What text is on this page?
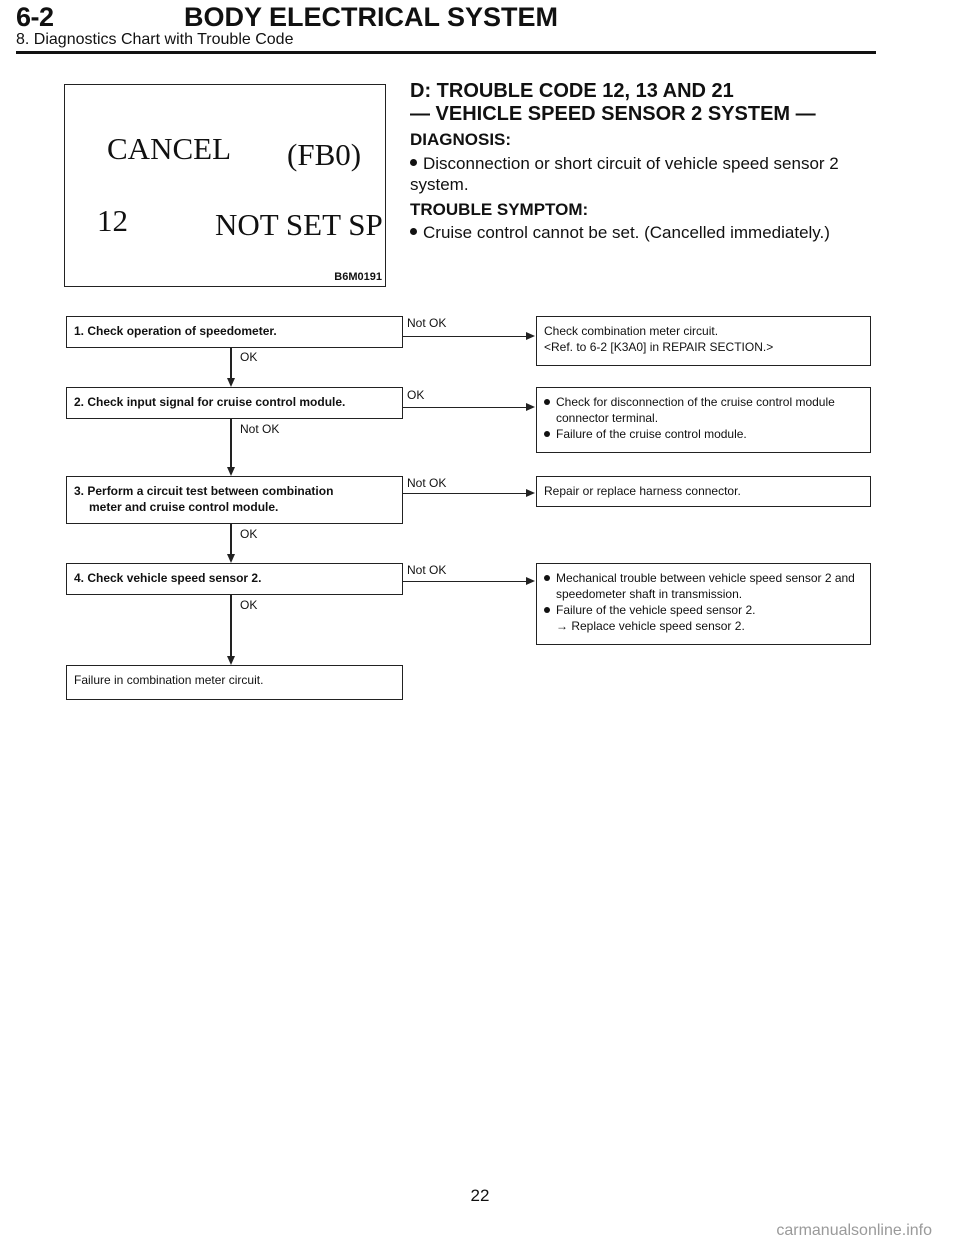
6-2	BODY ELECTRICAL SYSTEM
8. Diagnostics Chart with Trouble Code
CANCEL (FB0)
12	NOT SET SP
B6M0191
D: TROUBLE CODE 12, 13 AND 21
— VEHICLE SPEED SENSOR 2 SYSTEM —
DIAGNOSIS:
Disconnection or short circuit of vehicle speed sensor 2 system.
TROUBLE SYMPTOM:
Cruise control cannot be set. (Cancelled immediately.)
1. Check operation of speedometer.
Not OK
Check combination meter circuit.
<Ref. to 6-2 [K3A0] in REPAIR SECTION.>
OK
2. Check input signal for cruise control module.	OK	Check for disconnection of the cruise control module connector terminal.
Failure of the cruise control module.
Not OK
3. Perform a circuit test between combination
meter and cruise control module.
Not OK
Repair or replace harness connector.
OK
4. Check vehicle speed sensor 2.
Not OK
Mechanical trouble between vehicle speed sensor 2 and speedometer shaft in transmission.
Failure of the vehicle speed sensor 2.
→ Replace vehicle speed sensor 2.
OK
Failure in combination meter circuit.
22
carmanualsonline.info
